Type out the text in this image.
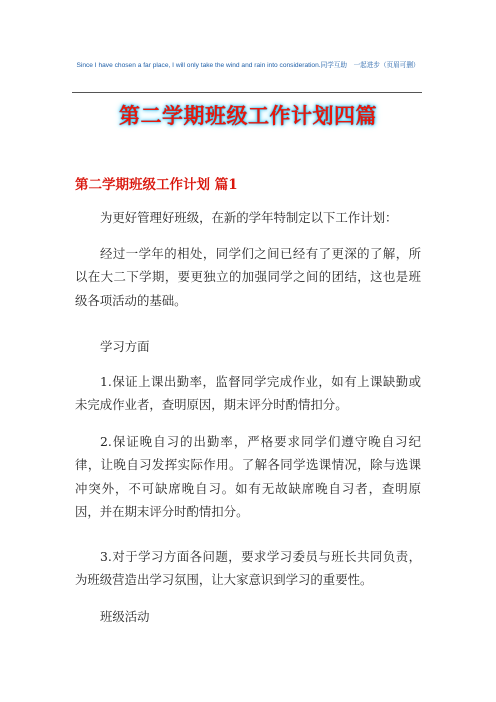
Since I have chosen a far place, I will only take the wind and rain into consideration.同学互助　一起进步（页眉可删）
第二学期班级工作计划四篇
第二学期班级工作计划 篇1

为更好管理好班级，在新的学年特制定以下工作计划：

经过一学年的相处，同学们之间已经有了更深的了解，所以在大二下学期，要更独立的加强同学之间的团结，这也是班级各项活动的基础。

学习方面

1.保证上课出勤率，监督同学完成作业，如有上课缺勤或未完成作业者，查明原因，期末评分时酌情扣分。

2.保证晚自习的出勤率，严格要求同学们遵守晚自习纪律，让晚自习发挥实际作用。了解各同学选课情况，除与选课冲突外，不可缺席晚自习。如有无故缺席晚自习者，查明原因，并在期末评分时酌情扣分。

3.对于学习方面各问题，要求学习委员与班长共同负责，为班级营造出学习氛围，让大家意识到学习的重要性。

班级活动
